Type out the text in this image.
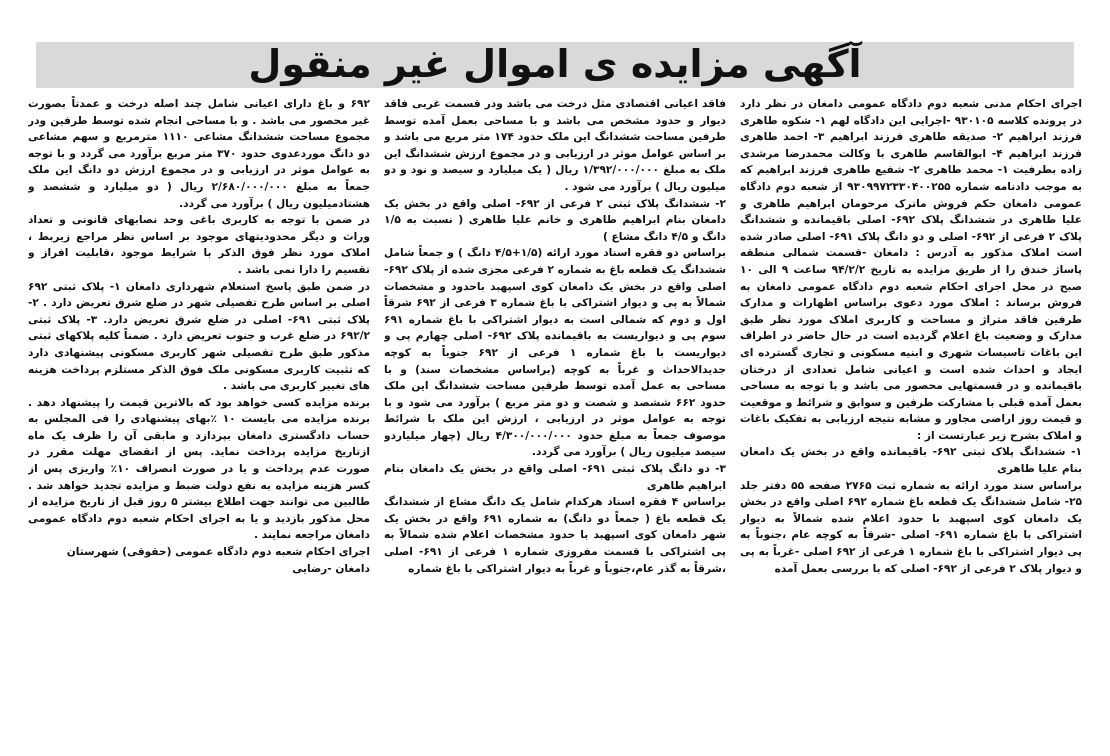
آگهی مزایده ی اموال غیر منقول

اجرای احکام مدنی شعبه دوم دادگاه عمومی دامغان در نظر دارد در پرونده کلاسه ۹۳۰۱۰۵ -اجرایی این دادگاه لهم ۱- شکوه طاهری فرزند ابراهیم ۲- صدیقه طاهری فرزند ابراهیم ۳- احمد طاهری فرزند ابراهیم ۴- ابوالقاسم طاهری با وکالت محمدرضا مرشدی زاده بطرفیت ۱- محمد طاهری ۲- شفیع طاهری فرزند ابراهیم که به موجب دادنامه شماره ۹۳۰۹۹۷۲۳۳۰۴۰۰۲۵۵ از شعبه دوم دادگاه عمومی دامغان حکم فروش ماترک مرحومان ابراهیم طاهری و علیا طاهری در ششدانگ پلاک ۶۹۲- اصلی باقیمانده و ششدانگ پلاک ۲ فرعی از ۶۹۲- اصلی و دو دانگ پلاک ۶۹۱- اصلی صادر شده است املاک مذکور به آدرس : دامغان -قسمت شمالی منطقه پاساژ خندق را از طریق مزایده به تاریخ ۹۴/۲/۲ ساعت ۹ الی ۱۰ صبح در محل اجرای احکام شعبه دوم دادگاه عمومی دامغان به فروش برساند : املاک مورد دعوی براساس اظهارات و مدارک طرفین فاقد متراژ و مساحت و کاربری املاک مورد نظر طبق مدارک و وضعیت باغ اعلام گردیده است در حال حاضر در اطراف این باغات تاسیسات شهری و ابنیه مسکونی و تجاری گسترده ای ایجاد و احداث شده است و اعیانی شامل تعدادی از درختان باقیمانده و در قسمتهایی محصور می باشد و با توجه به مساحی بعمل آمده قبلی با مشارکت طرفین و سوابق و شرائط و موقعیت و قیمت روز اراضی مجاور و مشابه نتیجه ارزیابی به تفکیک باغات و املاک بشرح زیر عبارتست از :

۱- ششدانگ پلاک ثبتی ۶۹۲- باقیمانده واقع در بخش یک دامغان بنام علیا طاهری

براساس سند مورد ارائه به شماره ثبت ۲۷۶۵ صفحه ۵۵ دفتر جلد ۲۵- شامل ششدانگ یک قطعه باغ شماره ۶۹۲ اصلی واقع در بخش یک دامغان کوی اسپهبد با حدود اعلام شده شمالاً به دیوار اشتراکی با باغ شماره ۶۹۱- اصلی -شرقاً به کوچه عام ،جنوباً به پی دیوار اشتراکی با باغ شماره ۱ فرعی از ۶۹۲ اصلی -غرباً به پی و دیوار پلاک ۲ فرعی از ۶۹۲- اصلی که با بررسی بعمل آمده

فاقد اعیانی اقتصادی مثل درخت می باشد ودر قسمت غربی فاقد دیوار و حدود مشخص می باشد و با مساحی بعمل آمده توسط طرفین مساحت ششدانگ این ملک حدود ۱۷۴ متر مربع می باشد و بر اساس عوامل موثر در ارزیابی و در مجموع ارزش ششدانگ این ملک به مبلغ ۱/۳۹۲/۰۰۰/۰۰۰ ریال ( یک میلیارد و سیصد و نود و دو میلیون ریال ) برآورد می شود .

۲- ششدانگ پلاک ثبتی ۲ فرعی از ۶۹۲- اصلی واقع در بخش یک دامغان بنام ابراهیم طاهری و خانم علیا طاهری ( نسبت به ۱/۵ دانگ و ۴/۵ دانگ مشاع )

براساس دو فقره اسناد مورد ارائه (۱/۵+۴/۵ دانگ ) و جمعاً شامل ششدانگ یک قطعه باغ به شماره ۲ فرعی مجزی شده از پلاک ۶۹۲- اصلی واقع در بخش یک دامغان کوی اسپهبد باحدود و مشخصات شمالاً به پی و دیوار اشتراکی با باغ شماره ۳ فرعی از ۶۹۲ شرقاً اول و دوم که شمالی است به دیوار اشتراکی با باغ شماره ۶۹۱ سوم پی و دیواریست به باقیمانده پلاک ۶۹۲- اصلی چهارم پی و دیواریست با باغ شماره ۱ فرعی از ۶۹۲ جنوباً به کوچه جدیدالاحداث و غرباً به کوچه (براساس مشخصات سند) و با مساحی به عمل آمده توسط طرفین مساحت ششدانگ این ملک حدود ۶۶۲ ششصد و شصت و دو متر مربع ) برآورد می شود و با توجه به عوامل موثر در ارزیابی ، ارزش این ملک با شرائط موصوف جمعاً به مبلغ حدود ۴/۳۰۰/۰۰۰/۰۰۰ ریال (چهار میلیاردو سیصد میلیون ریال ) برآورد می گردد.

۳- دو دانگ پلاک ثبتی ۶۹۱- اصلی واقع در بخش یک دامغان بنام ابراهیم طاهری

براساس ۴ فقره اسناد هرکدام شامل یک دانگ مشاع از ششدانگ یک قطعه باغ ( جمعاً دو دانگ) به شماره ۶۹۱ واقع در بخش یک شهر دامغان کوی اسپهبد با حدود مشخصات اعلام شده شمالاً به پی اشتراکی با قسمت مفروزی شماره ۱ فرعی از ۶۹۱- اصلی ،شرقاً به گذر عام،جنوباً و غرباً به دیوار اشتراکی با باغ شماره

۶۹۲ و باغ دارای اعیانی شامل چند اصله درخت و عمدتاً بصورت غیر محصور می باشد . و با مساحی انجام شده توسط طرفین ودر مجموع مساحت ششدانگ مشاعی ۱۱۱۰ مترمربع و سهم مشاعی دو دانگ موردعدوی حدود ۳۷۰ متر مربع برآورد می گردد و با توجه به عوامل موثر در ارزیابی و در مجموع ارزش دو دانگ این ملک جمعاً به مبلغ ۲/۶۸۰/۰۰۰/۰۰۰ ریال ( دو میلیارد و ششصد و هشتادمیلیون ریال ) برآورد می گردد.

در ضمن با توجه به کاربری باغی وحد نصابهای قانونی و تعداد وراث و دیگر محدودیتهای موجود بر اساس نظر مراجع زیربط ، املاک مورد نظر فوق الذکر با شرایط موجود ،قابلیت افراز و تقسیم را دارا نمی باشد .

در ضمن طبق پاسخ استعلام شهرداری دامغان ۱- پلاک ثبتی ۶۹۲ اصلی بر اساس طرح تفصیلی شهر در ضلع شرق تعریض دارد . ۲- پلاک ثبتی ۶۹۱- اصلی در ضلع شرق تعریض دارد. ۳- پلاک ثبتی ۶۹۲/۲ در ضلع غرب و جنوب تعریض دارد . ضمناً کلیه پلاکهای ثبتی مذکور طبق طرح تفصیلی شهر کاربری مسکونی پیشنهادی دارد که تثبیت کاربری مسکونی ملک فوق الذکر مستلزم پرداخت هزینه های تغییر کاربری می باشد .

برنده مزایده کسی خواهد بود که بالاترین قیمت را پیشنهاد دهد . برنده مزایده می بایست ۱۰ ٪بهای پیشنهادی را فی المجلس به حساب دادگستری دامغان بپردازد و مابقی آن را ظرف یک ماه ازتاریخ مزایده پرداخت نماید. پس از انقضای مهلت مقرر در صورت عدم پرداخت و یا در صورت انصراف ۱۰٪ واریزی پس از کسر هزینه مزایده به نفع دولت ضبط و مزایده تجدید خواهد شد . طالبین می توانند جهت اطلاع بیشتر ۵ روز قبل از تاریخ مزایده از محل مذکور بازدید و یا به اجرای احکام شعبه دوم دادگاه عمومی دامغان مراجعه نمایند .

اجرای احکام شعبه دوم دادگاه عمومی (حقوقی) شهرستان

دامغان -رضایی
